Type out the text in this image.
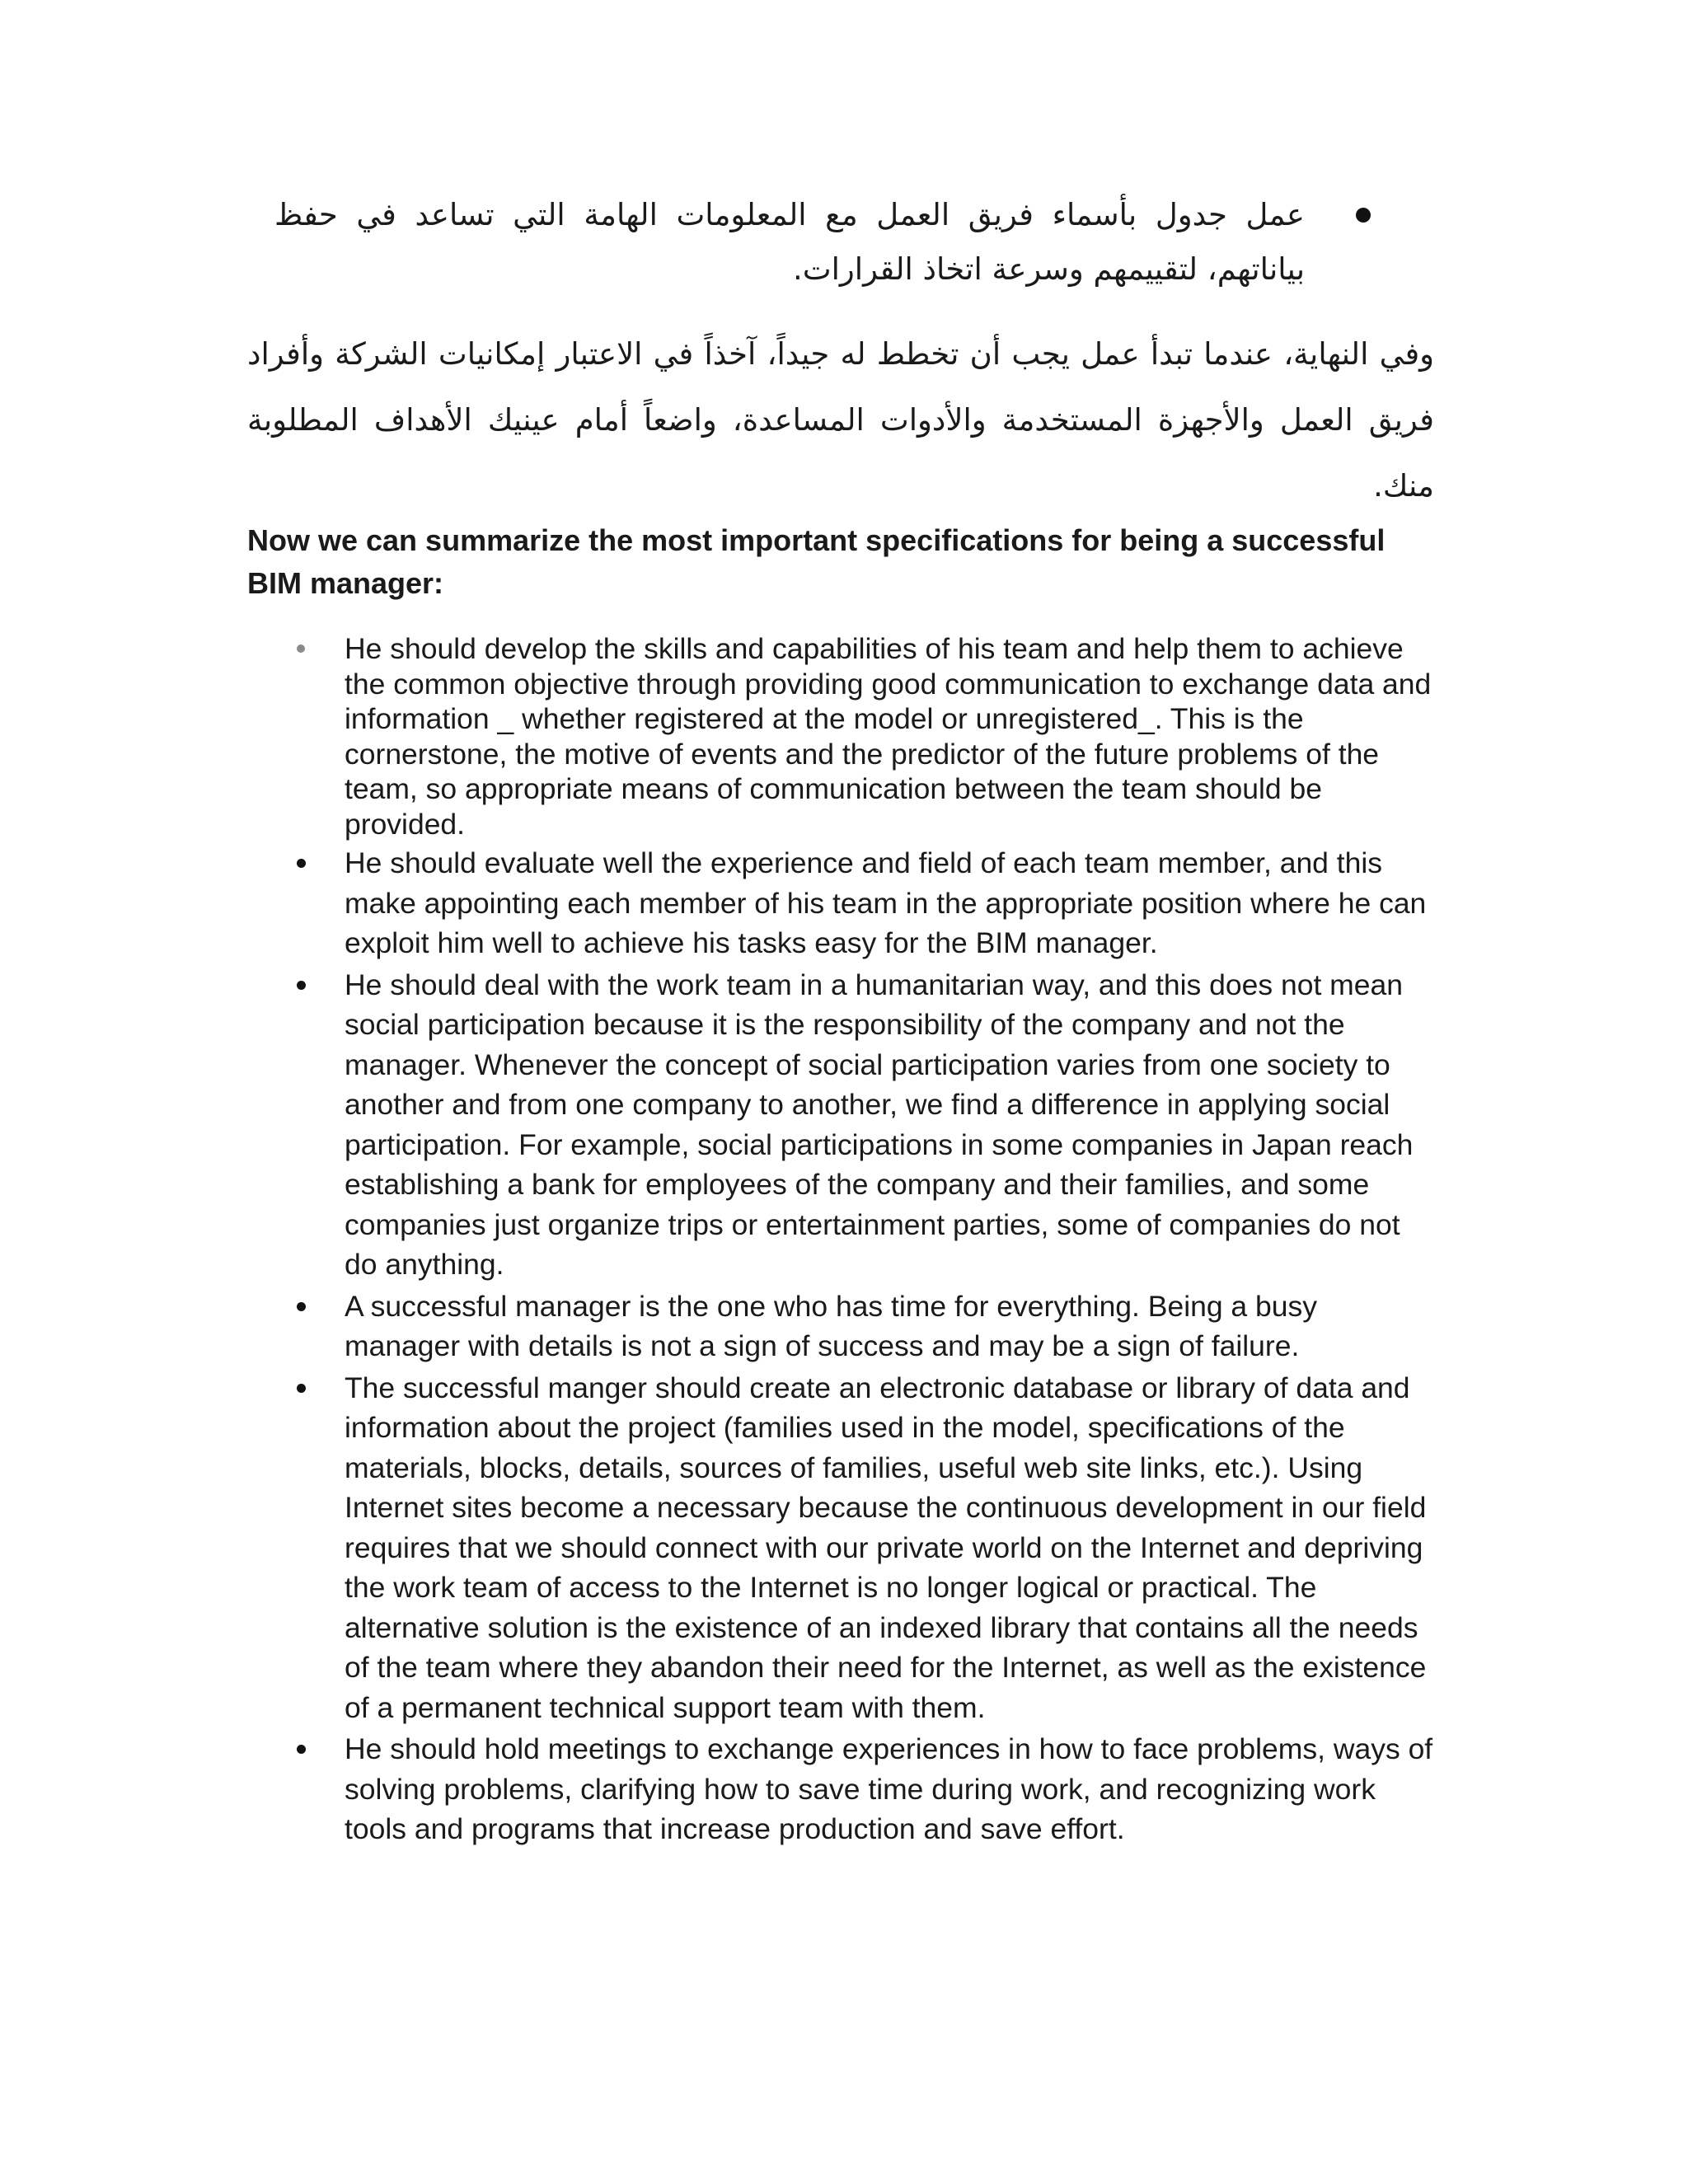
عمل جدول بأسماء فريق العمل مع المعلومات الهامة التي تساعد في حفظ بياناتهم، لتقييمهم وسرعة اتخاذ القرارات.
وفي النهاية، عندما تبدأ عمل يجب أن تخطط له جيداً، آخذاً في الاعتبار إمكانيات الشركة وأفراد فريق العمل والأجهزة المستخدمة والأدوات المساعدة، واضعاً أمام عينيك الأهداف المطلوبة منك.
Now we can summarize the most important specifications for being a successful BIM manager:
He should develop the skills and capabilities of his team and help them to achieve the common objective through providing good communication to exchange data and information _ whether registered at the model or unregistered_. This is the cornerstone, the motive of events and the predictor of the future problems of the team, so appropriate means of communication between the team should be provided.
He should evaluate well the experience and field of each team member, and this make appointing each member of his team in the appropriate position where he can exploit him well to achieve his tasks easy for the BIM manager.
He should deal with the work team in a humanitarian way, and this does not mean social participation because it is the responsibility of the company and not the manager. Whenever the concept of social participation varies from one society to another and from one company to another, we find a difference in applying social participation. For example, social participations in some companies in Japan reach establishing a bank for employees of the company and their families, and some companies just organize trips or entertainment parties, some of companies do not do anything.
A successful manager is the one who has time for everything. Being a busy manager with details is not a sign of success and may be a sign of failure.
The successful manger should create an electronic database or library of data and information about the project (families used in the model, specifications of the materials, blocks, details, sources of families, useful web site links, etc.). Using Internet sites become a necessary because the continuous development in our field requires that we should connect with our private world on the Internet and depriving the work team of access to the Internet is no longer logical or practical. The alternative solution is the existence of an indexed library that contains all the needs of the team where they abandon their need for the Internet, as well as the existence of a permanent technical support team with them.
He should hold meetings to exchange experiences in how to face problems, ways of solving problems, clarifying how to save time during work, and recognizing work tools and programs that increase production and save effort.
